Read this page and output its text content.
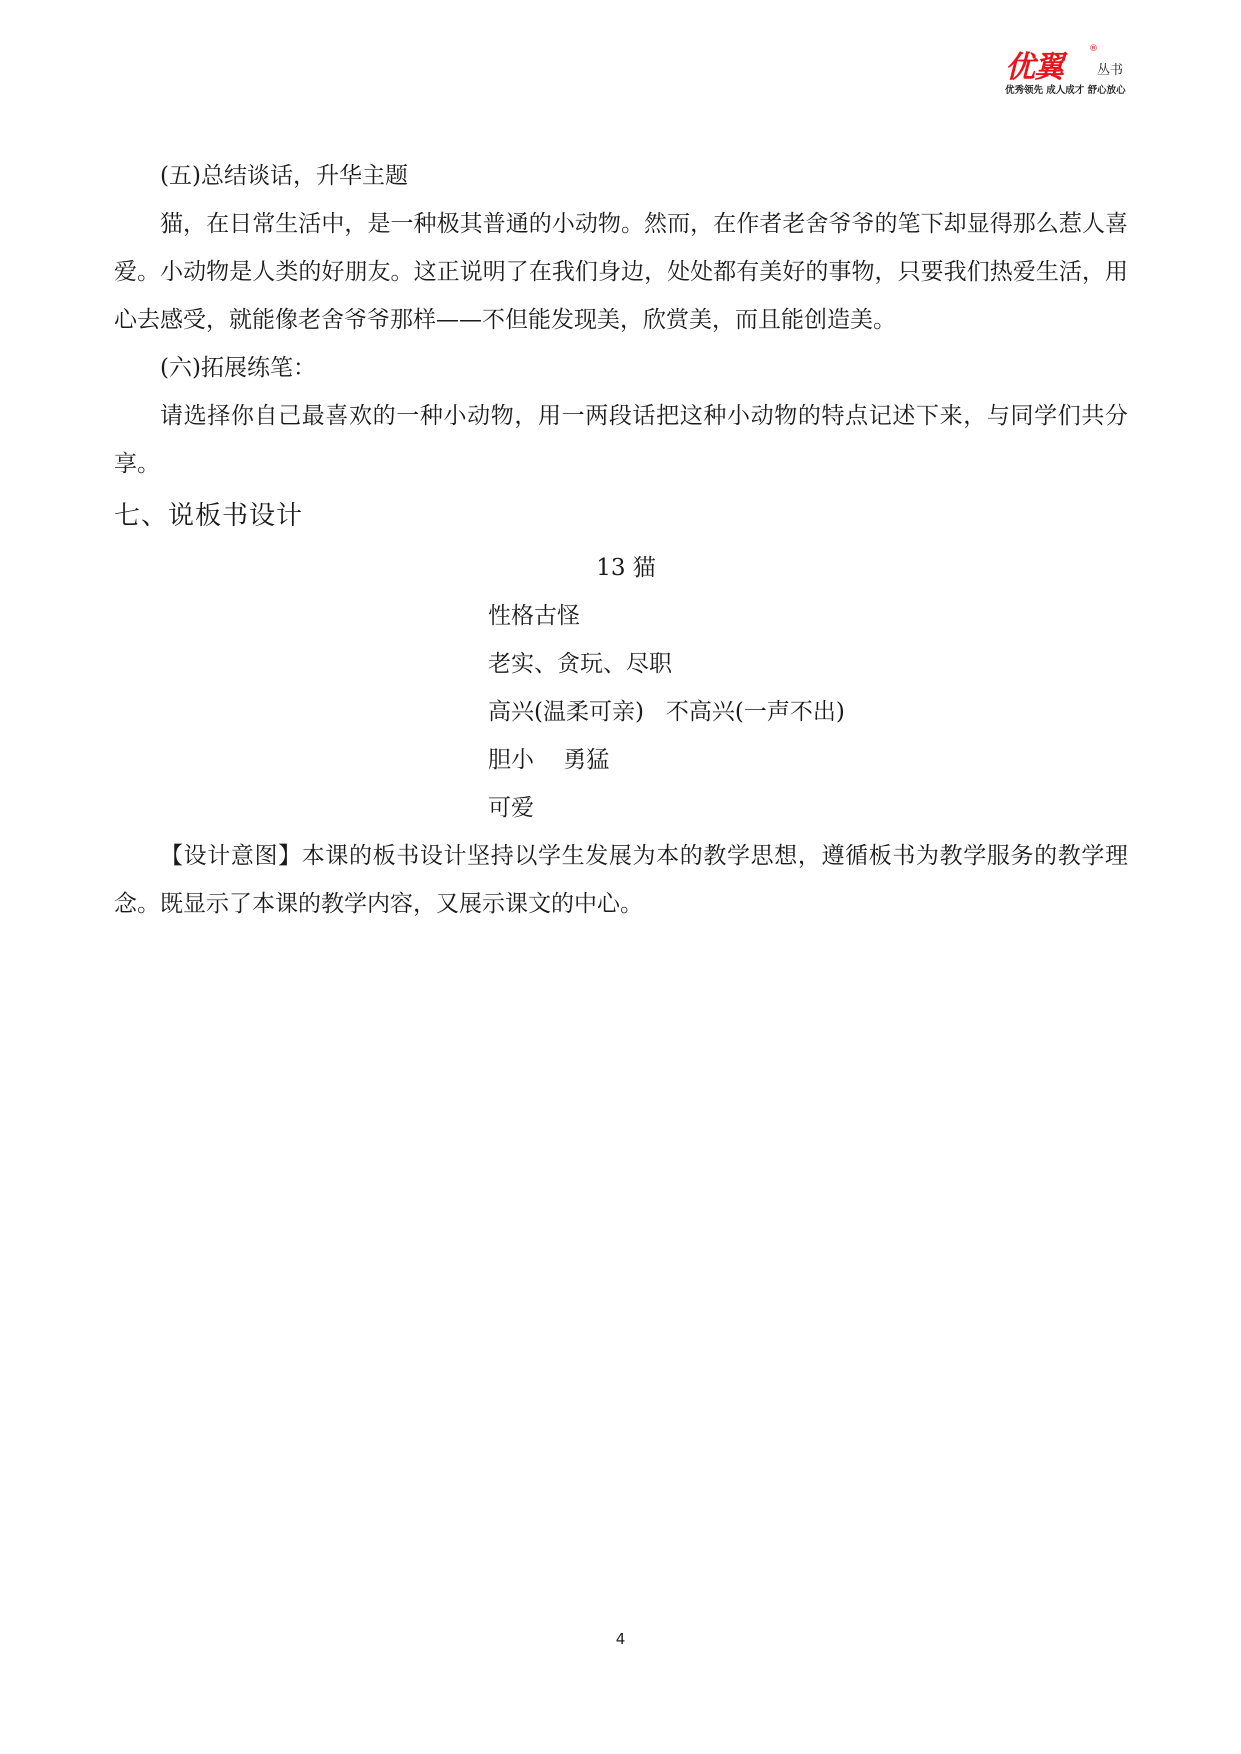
优翼
®
丛书
优秀领先 成人成才 舒心放心

(五)总结谈话，升华主题

猫，在日常生活中，是一种极其普通的小动物。然而，在作者老舍爷爷的笔下却显得那么惹人喜爱。小动物是人类的好朋友。这正说明了在我们身边，处处都有美好的事物，只要我们热爱生活，用心去感受，就能像老舍爷爷那样——不但能发现美，欣赏美，而且能创造美。

(六)拓展练笔：

请选择你自己最喜欢的一种小动物，用一两段话把这种小动物的特点记述下来，与同学们共分享。

七、说板书设计
13 猫
性格古怪
老实、贪玩、尽职
高兴(温柔可亲)   不高兴(一声不出)
胆小    勇猛
可爱

【设计意图】本课的板书设计坚持以学生发展为本的教学思想，遵循板书为教学服务的教学理念。既显示了本课的教学内容，又展示课文的中心。

4
